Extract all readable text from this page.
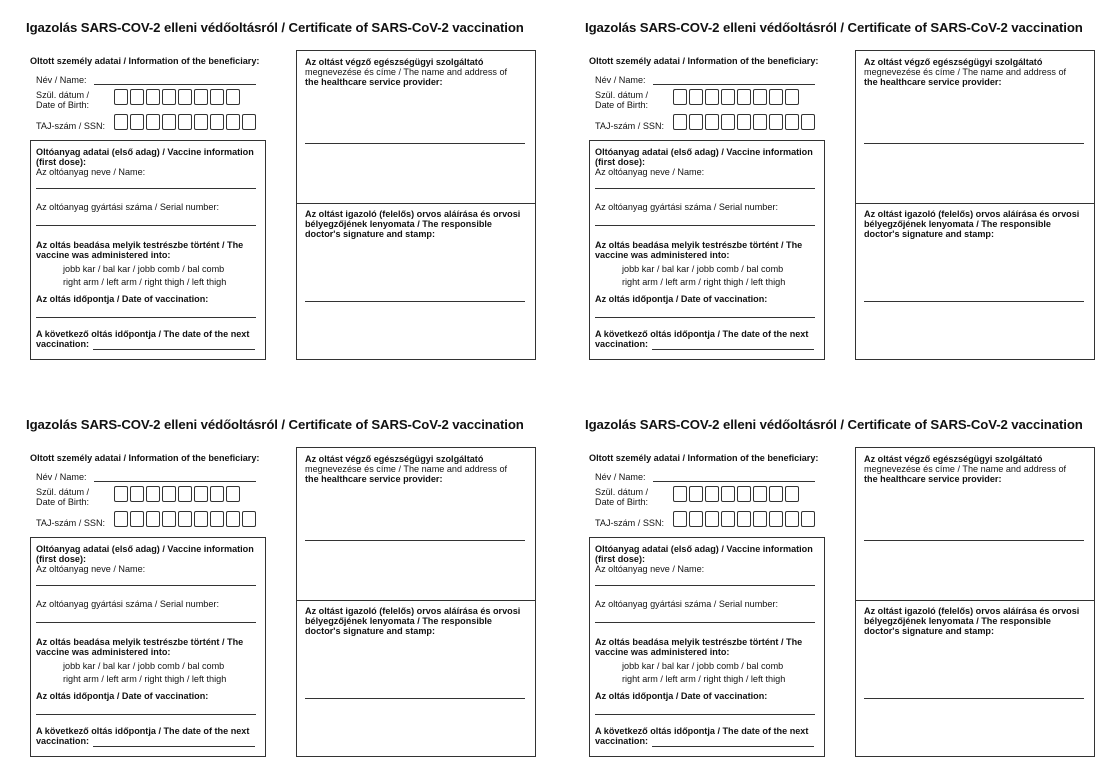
Igazolás SARS-COV-2 elleni védőoltásról / Certificate of SARS-CoV-2 vaccination
Oltott személy adatai / Information of the beneficiary:
Név / Name:
Szül. dátum /
Date of Birth:
TAJ-szám / SSN:
Oltóanyag adatai (első adag) / Vaccine information
(first dose):
Az oltóanyag neve / Name:
Az oltóanyag gyártási száma / Serial number:
Az oltás beadása melyik testrészbe történt / The
vaccine was administered into:
jobb kar / bal kar / jobb comb / bal comb
right arm / left arm / right thigh / left thigh
Az oltás időpontja / Date of vaccination:
A következő oltás időpontja / The date of the next
vaccination:
Az oltást végző egészségügyi szolgáltató
megnevezése és címe / The name and address of
the healthcare service provider:
Az oltást igazoló (felelős) orvos aláírása és orvosi
bélyegzőjének lenyomata / The responsible
doctor's signature and stamp:
Igazolás SARS-COV-2 elleni védőoltásról / Certificate of SARS-CoV-2 vaccination
Oltott személy adatai / Information of the beneficiary:
Név / Name:
Szül. dátum /
Date of Birth:
TAJ-szám / SSN:
Oltóanyag adatai (első adag) / Vaccine information
(first dose):
Az oltóanyag neve / Name:
Az oltóanyag gyártási száma / Serial number:
Az oltás beadása melyik testrészbe történt / The
vaccine was administered into:
jobb kar / bal kar / jobb comb / bal comb
right arm / left arm / right thigh / left thigh
Az oltás időpontja / Date of vaccination:
A következő oltás időpontja / The date of the next
vaccination:
Az oltást végző egészségügyi szolgáltató
megnevezése és címe / The name and address of
the healthcare service provider:
Az oltást igazoló (felelős) orvos aláírása és orvosi
bélyegzőjének lenyomata / The responsible
doctor's signature and stamp:
Igazolás SARS-COV-2 elleni védőoltásról / Certificate of SARS-CoV-2 vaccination
Oltott személy adatai / Information of the beneficiary:
Név / Name:
Szül. dátum /
Date of Birth:
TAJ-szám / SSN:
Oltóanyag adatai (első adag) / Vaccine information
(first dose):
Az oltóanyag neve / Name:
Az oltóanyag gyártási száma / Serial number:
Az oltás beadása melyik testrészbe történt / The
vaccine was administered into:
jobb kar / bal kar / jobb comb / bal comb
right arm / left arm / right thigh / left thigh
Az oltás időpontja / Date of vaccination:
A következő oltás időpontja / The date of the next
vaccination:
Az oltást végző egészségügyi szolgáltató
megnevezése és címe / The name and address of
the healthcare service provider:
Az oltást igazoló (felelős) orvos aláírása és orvosi
bélyegzőjének lenyomata / The responsible
doctor's signature and stamp:
Igazolás SARS-COV-2 elleni védőoltásról / Certificate of SARS-CoV-2 vaccination
Oltott személy adatai / Information of the beneficiary:
Név / Name:
Szül. dátum /
Date of Birth:
TAJ-szám / SSN:
Oltóanyag adatai (első adag) / Vaccine information
(first dose):
Az oltóanyag neve / Name:
Az oltóanyag gyártási száma / Serial number:
Az oltás beadása melyik testrészbe történt / The
vaccine was administered into:
jobb kar / bal kar / jobb comb / bal comb
right arm / left arm / right thigh / left thigh
Az oltás időpontja / Date of vaccination:
A következő oltás időpontja / The date of the next
vaccination:
Az oltást végző egészségügyi szolgáltató
megnevezése és címe / The name and address of
the healthcare service provider:
Az oltást igazoló (felelős) orvos aláírása és orvosi
bélyegzőjének lenyomata / The responsible
doctor's signature and stamp:
